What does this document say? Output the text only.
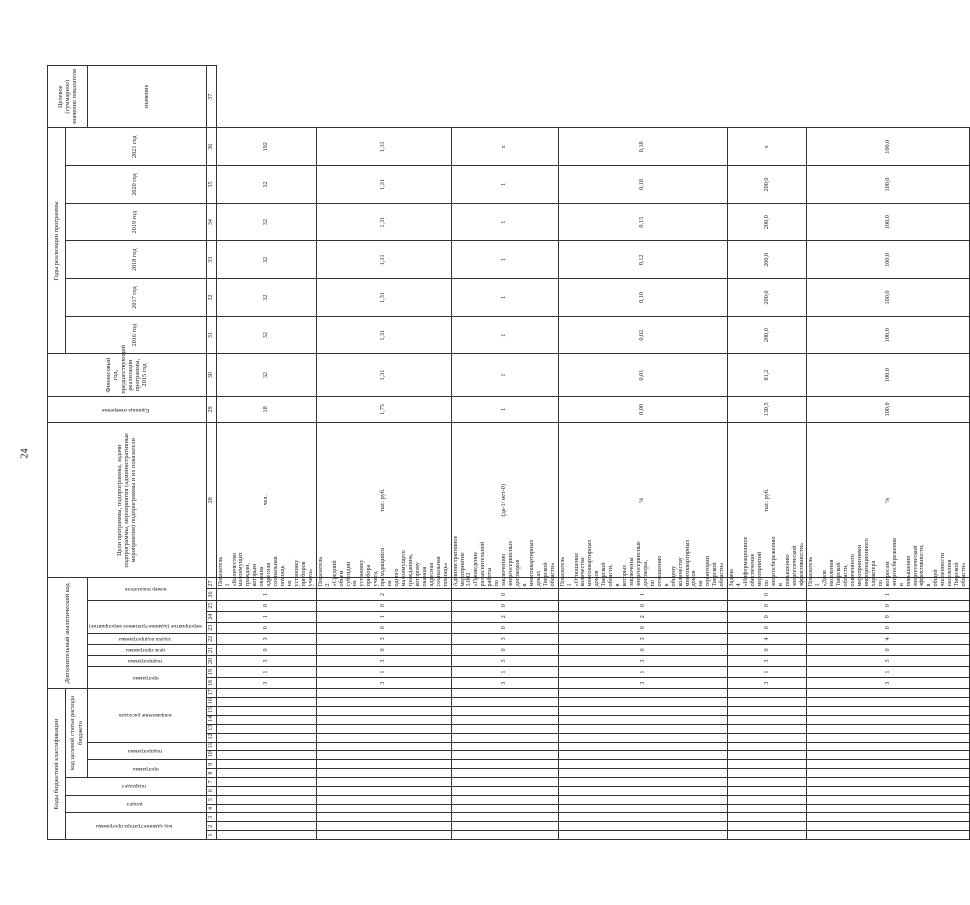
24
Коды бюджетной классификации																	Дополнительный аналитический код										Цели программы, подпрограммы, задачи подпрограммы, мероприятия (административные мероприятия) подпрограммы и их показатели	Единица измерения	Финансовый год, предшествующий реализации программы, 2015 год	Годы реализации программы						Целевое (суммарное) значение показателя
код администратора программы			раздел		подраздел		код целевой статьи расхода бюджета																							2016 год	2017 год	2018 год	2019 год	2020 год	2021 год	
							программа		подпрограмма		направление расходов						программа		подпрограмма	цель программы	задача подпрограммы	мероприятие (административное мероприятие)			номер показателя											значение
1	2	3	4	5	6	7	8	9	10	11	12	13	14	15	16	17	18	19	20	21	22	23	24	25	26	27	28	29	30	31	32	33	34	35	36	37
																	3	1	3	0	3	0	1	0	1	Показатель 1 «Количество малоимущих граждан, которым оказана адресная социальная помощь на установку приборов учета»	чел.	18	32	32	32	32	32	32	192	
																	3	1	3	0	3	0	1	0	2	Показатель 2 «Средний объем субсидии на установку прибора учета, приходящийся на одного малоимущего гражданина, которому оказана адресная социальная помощь»	тыс. руб.	1,75	1,31	1,31	1,31	1,31	1,31	1,31	1,31	
																	3	1	3	0	3	0	2	0	0	Административное мероприятие 3.002 «Проведение разъяснительной работы по заключению энергосервисных договоров в многоквартирных домах Тверской области»	(да-1/ нет-0)	1	1	1	1	1	1	1	х	
																	3	1	3	0	3	0	2	0	1	Показатель 1 «Отношение количества многоквартирных домов Тверской области, в которых заключены энергосервисные договоры, по отношению к общему количеству многоквартирных домов на территории Тверской области»	%	0,00	0,01	0,02	0,10	0,12	0,15	0,18	0,18	
																	3	1	3	0	4	0	0	0	0	Задача 4 «Информационное обеспечение мероприятий по энергосбережению и повышению энергетической эффективности»	тыс. руб.	130,5	81,2	200,0	200,0	200,0	200,0	200,0	х	
																	3	1	3	0	4	0	0	0	1	Показатель 1 «Доля населения Тверской области, охваченного мероприятиями информационного характера по вопросам энергосбережения и повышения энергетической эффективности, в общей численности населения Тверской области»	%	100,0	100,0	100,0	100,0	100,0	100,0	100,0	100,0	
